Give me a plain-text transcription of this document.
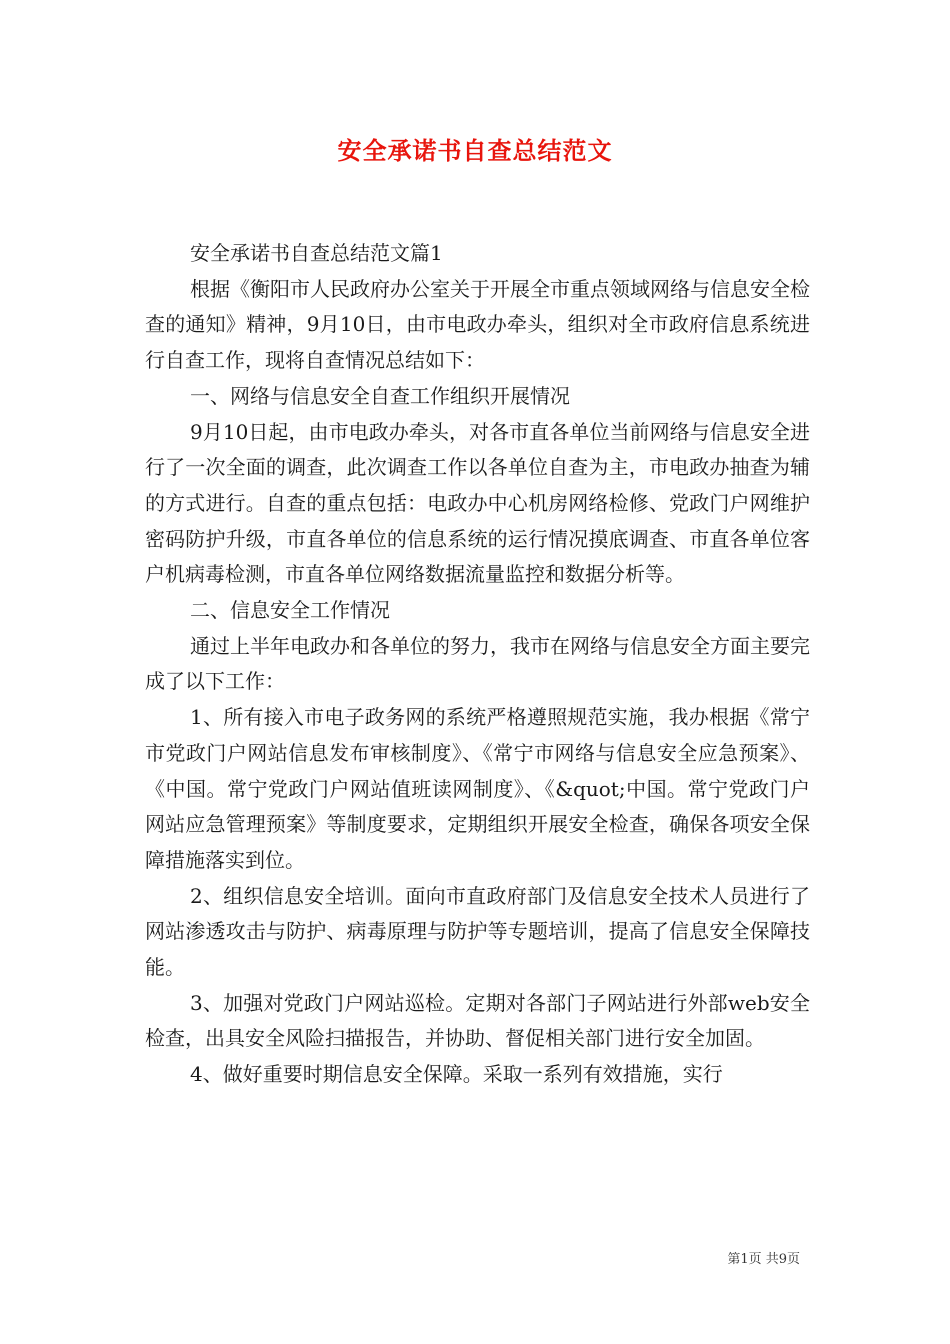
安全承诺书自查总结范文

安全承诺书自查总结范文篇1

根据《衡阳市人民政府办公室关于开展全市重点领域网络与信息安全检查的通知》精神，9月10日，由市电政办牵头，组织对全市政府信息系统进行自查工作，现将自查情况总结如下：

一、网络与信息安全自查工作组织开展情况

9月10日起，由市电政办牵头，对各市直各单位当前网络与信息安全进行了一次全面的调查，此次调查工作以各单位自查为主，市电政办抽查为辅的方式进行。自查的重点包括：电政办中心机房网络检修、党政门户网维护密码防护升级，市直各单位的信息系统的运行情况摸底调查、市直各单位客户机病毒检测，市直各单位网络数据流量监控和数据分析等。

二、信息安全工作情况

通过上半年电政办和各单位的努力，我市在网络与信息安全方面主要完成了以下工作：

1、所有接入市电子政务网的系统严格遵照规范实施，我办根据《常宁市党政门户网站信息发布审核制度》、《常宁市网络与信息安全应急预案》、《中国。常宁党政门户网站值班读网制度》、《&quot;中国。常宁党政门户网站应急管理预案》等制度要求，定期组织开展安全检查，确保各项安全保障措施落实到位。

2、组织信息安全培训。面向市直政府部门及信息安全技术人员进行了网站渗透攻击与防护、病毒原理与防护等专题培训，提高了信息安全保障技能。

3、加强对党政门户网站巡检。定期对各部门子网站进行外部web安全检查，出具安全风险扫描报告，并协助、督促相关部门进行安全加固。

4、做好重要时期信息安全保障。采取一系列有效措施，实行

第1页 共9页
